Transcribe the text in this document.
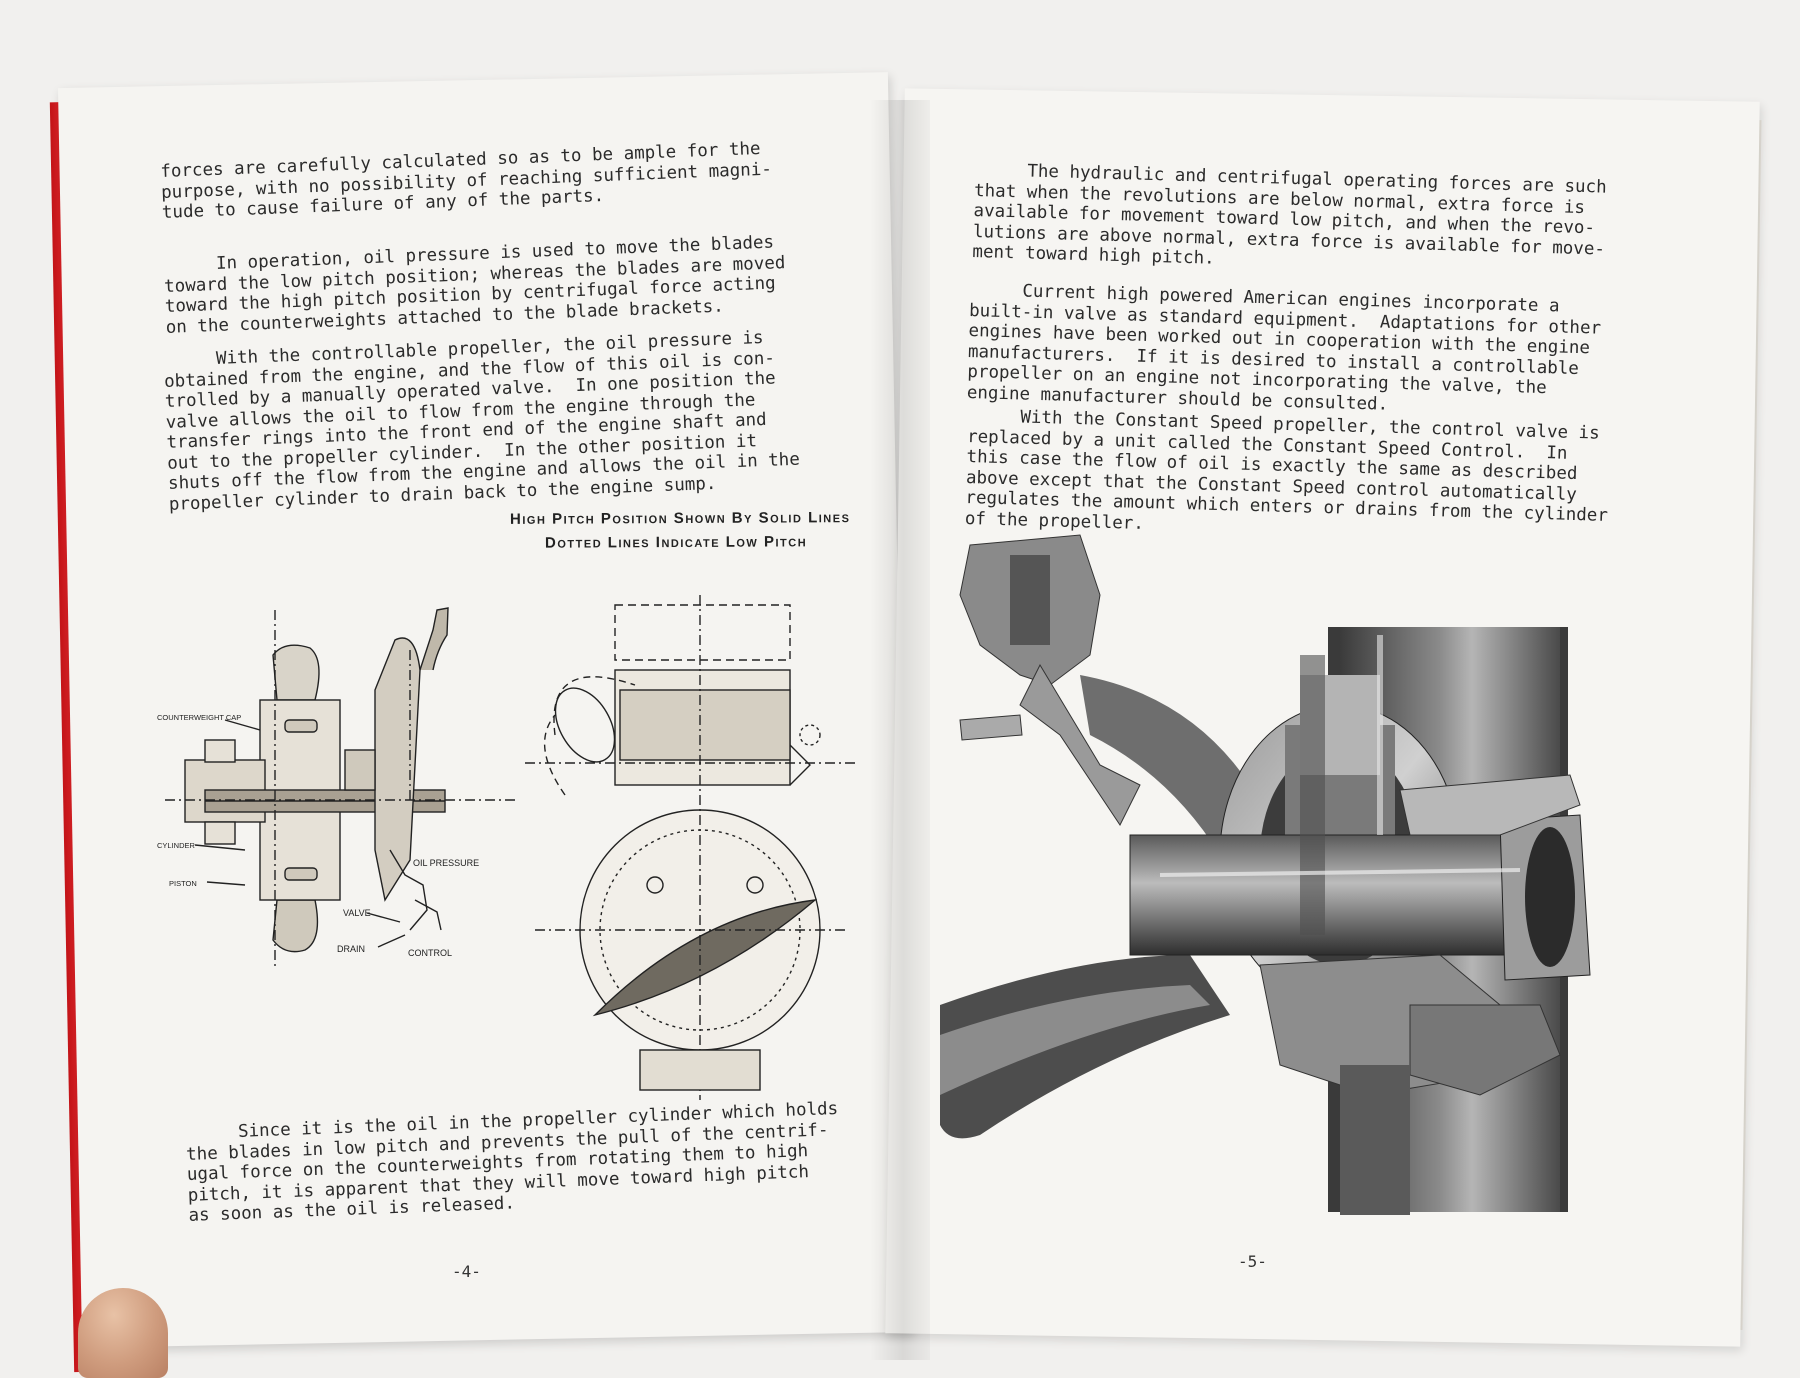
forces are carefully calculated so as to be ample for the
purpose, with no possibility of reaching sufficient magni-
tude to cause failure of any of the parts.
In operation, oil pressure is used to move the blades
toward the low pitch position; whereas the blades are moved
toward the high pitch position by centrifugal force acting
on the counterweights attached to the blade brackets.
With the controllable propeller, the oil pressure is
obtained from the engine, and the flow of this oil is con-
trolled by a manually operated valve.  In one position the
valve allows the oil to flow from the engine through the
transfer rings into the front end of the engine shaft and
out to the propeller cylinder.  In the other position it
shuts off the flow from the engine and allows the oil in the
propeller cylinder to drain back to the engine sump.
High Pitch Position Shown By Solid Lines
Dotted Lines Indicate Low Pitch
COUNTERWEIGHT CAP
CYLINDER
PISTON
OIL PRESSURE
VALVE
DRAIN	CONTROL
Since it is the oil in the propeller cylinder which holds
the blades in low pitch and prevents the pull of the centrif-
ugal force on the counterweights from rotating them to high
pitch, it is apparent that they will move toward high pitch
as soon as the oil is released.
-4-
The hydraulic and centrifugal operating forces are such
that when the revolutions are below normal, extra force is
available for movement toward low pitch, and when the revo-
lutions are above normal, extra force is available for move-
ment toward high pitch.
Current high powered American engines incorporate a
built-in valve as standard equipment.  Adaptations for other
engines have been worked out in cooperation with the engine
manufacturers.  If it is desired to install a controllable
propeller on an engine not incorporating the valve, the
engine manufacturer should be consulted.
With the Constant Speed propeller, the control valve is
replaced by a unit called the Constant Speed Control.  In
this case the flow of oil is exactly the same as described
above except that the Constant Speed control automatically
regulates the amount which enters or drains from the cylinder
of the propeller.
-5-
